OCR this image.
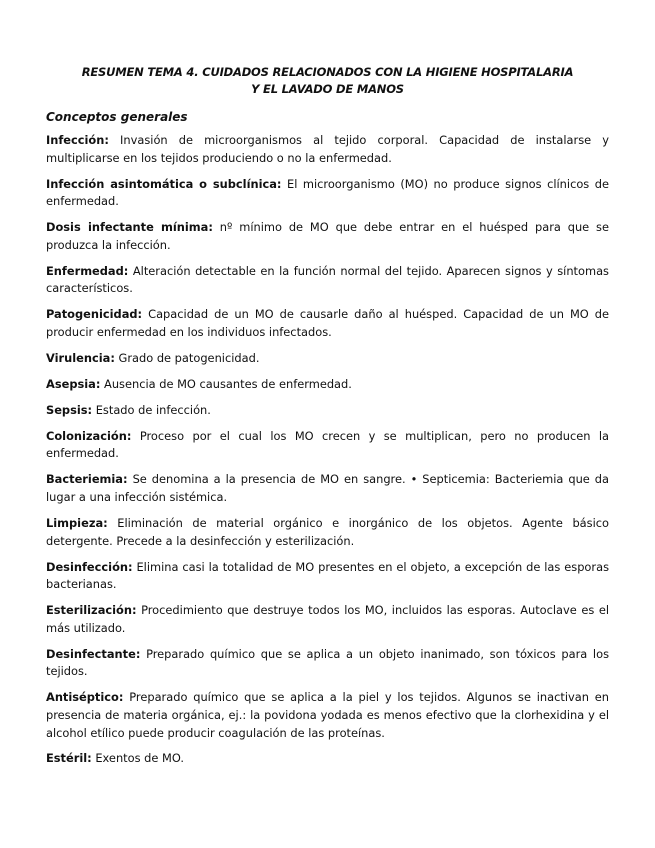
RESUMEN TEMA 4. CUIDADOS RELACIONADOS CON LA HIGIENE HOSPITALARIA
Y EL LAVADO DE MANOS
Conceptos generales

Infección: Invasión de microorganismos al tejido corporal. Capacidad de instalarse y multiplicarse en los tejidos produciendo o no la enfermedad.

Infección asintomática o subclínica: El microorganismo (MO) no produce signos clínicos de enfermedad.

Dosis infectante mínima: nº mínimo de MO que debe entrar en el huésped para que se produzca la infección.

Enfermedad: Alteración detectable en la función normal del tejido. Aparecen signos y síntomas característicos.

Patogenicidad: Capacidad de un MO de causarle daño al huésped. Capacidad de un MO de producir enfermedad en los individuos infectados.

Virulencia: Grado de patogenicidad.

Asepsia: Ausencia de MO causantes de enfermedad.

Sepsis: Estado de infección.

Colonización: Proceso por el cual los MO crecen y se multiplican, pero no producen la enfermedad.

Bacteriemia: Se denomina a la presencia de MO en sangre. • Septicemia: Bacteriemia que da lugar a una infección sistémica.

Limpieza: Eliminación de material orgánico e inorgánico de los objetos. Agente básico detergente. Precede a la desinfección y esterilización.

Desinfección: Elimina casi la totalidad de MO presentes en el objeto, a excepción de las esporas bacterianas.

Esterilización: Procedimiento que destruye todos los MO, incluidos las esporas. Autoclave es el más utilizado.

Desinfectante: Preparado químico que se aplica a un objeto inanimado, son tóxicos para los tejidos.

Antiséptico: Preparado químico que se aplica a la piel y los tejidos. Algunos se inactivan en presencia de materia orgánica, ej.: la povidona yodada es menos efectivo que la clorhexidina y el alcohol etílico puede producir coagulación de las proteínas.

Estéril: Exentos de MO.
